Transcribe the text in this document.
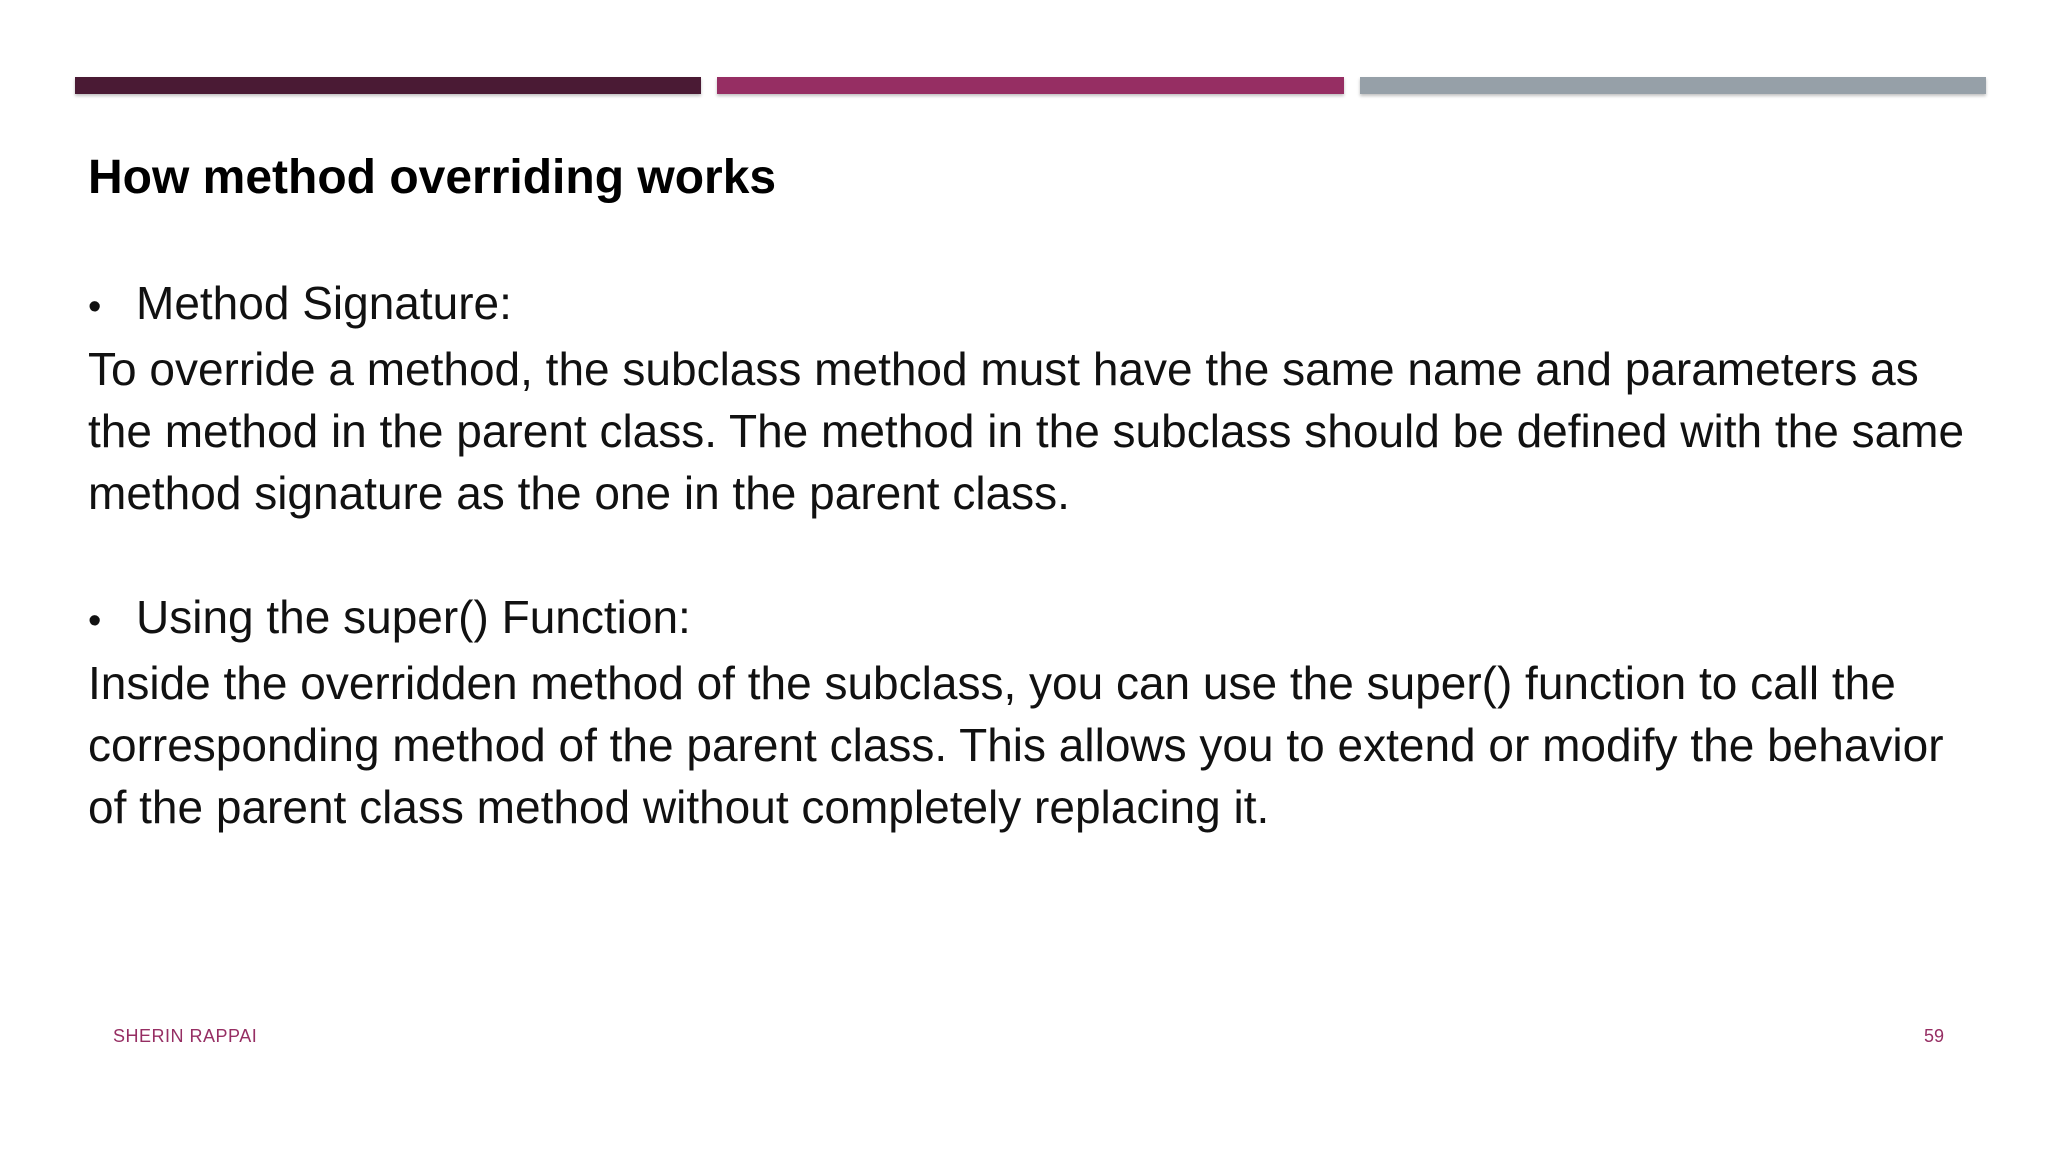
How method overriding works
• Method Signature:

To override a method, the subclass method must have the same name and parameters as the method in the parent class. The method in the subclass should be defined with the same method signature as the one in the parent class.

• Using the super() Function:

Inside the overridden method of the subclass, you can use the super() function to call the corresponding method of the parent class. This allows you to extend or modify the behavior of the parent class method without completely replacing it.

SHERIN RAPPAI	59
